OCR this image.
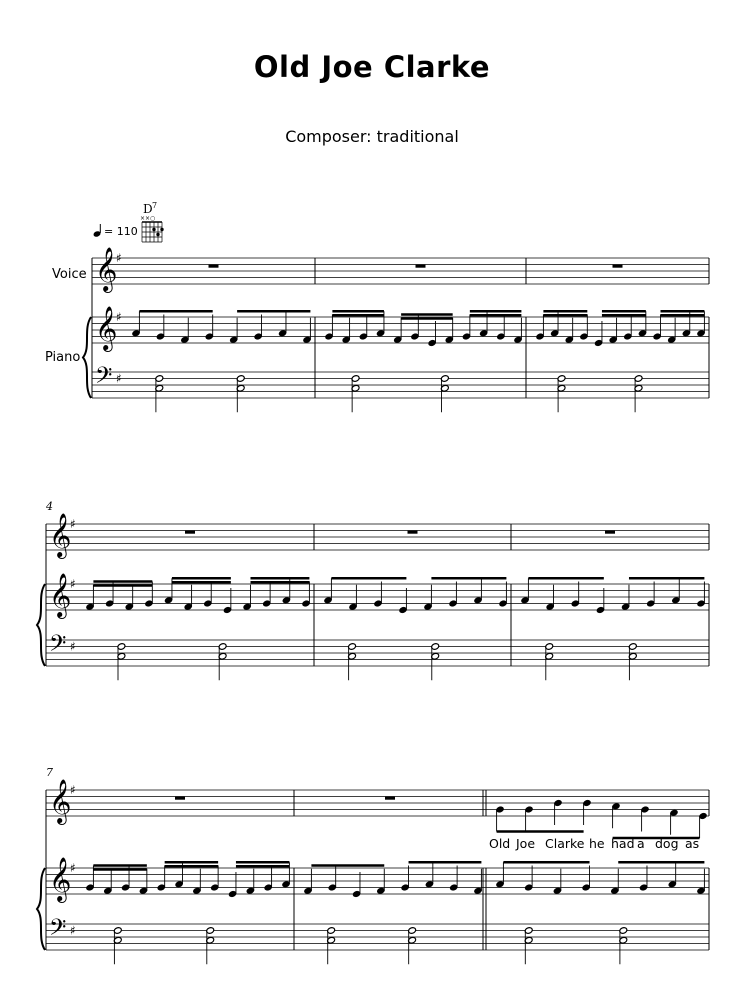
Old Joe Clarke
Composer: traditional
= 110
D 7
××○
Voice
Piano
4
7
𝄞
♯
𝄞
♯
𝄢 ♯
𝄞
♯
𝄞
♯
𝄢 ♯
𝄞
♯
𝄞
♯
𝄢 ♯
Old Joe Clarke he had a dog as
